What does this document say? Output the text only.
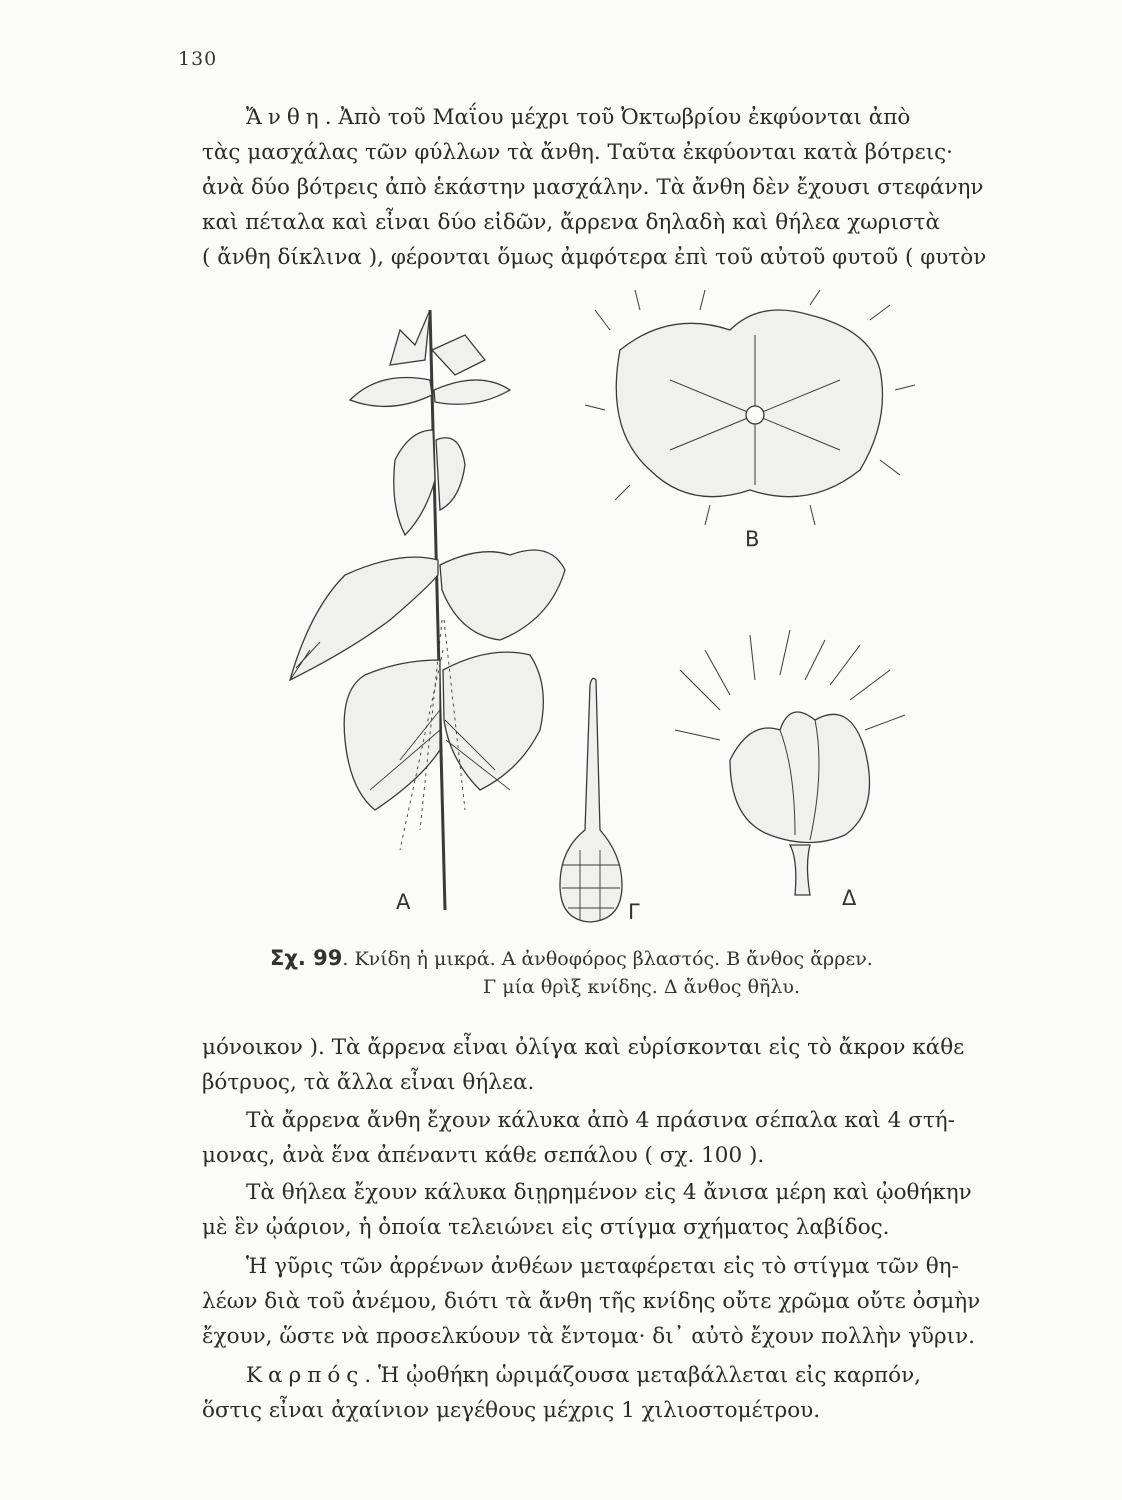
130

Ἄνθη. Ἀπὸ τοῦ Μαΐου μέχρι τοῦ Ὀκτωβρίου ἐκφύονται ἀπὸ
τὰς μασχάλας τῶν φύλλων τὰ ἄνθη. Ταῦτα ἐκφύονται κατὰ βότρεις·
ἀνὰ δύο βότρεις ἀπὸ ἑκάστην μασχάλην. Τὰ ἄνθη δὲν ἔχουσι στεφάνην
καὶ πέταλα καὶ εἶναι δύο εἰδῶν, ἄρρενα δηλαδὴ καὶ θήλεα χωριστὰ
( ἄνθη δίκλινα ), φέρονται ὅμως ἀμφότερα ἐπὶ τοῦ αὐτοῦ φυτοῦ ( φυτὸν

Α
Β
Γ
Δ
Σχ. 99. Κνίδη ἡ μικρά. Α ἀνθοφόρος βλαστός. Β ἄνθος ἄρρεν.
Γ μία θρὶξ κνίδης. Δ ἄνθος θῆλυ.

μόνοικον ). Τὰ ἄρρενα εἶναι ὀλίγα καὶ εὑρίσκονται εἰς τὸ ἄκρον κάθε
βότρυος, τὰ ἄλλα εἶναι θήλεα.

Τὰ ἄρρενα ἄνθη ἔχουν κάλυκα ἀπὸ 4 πράσινα σέπαλα καὶ 4 στή-
μονας, ἀνὰ ἕνα ἀπέναντι κάθε σεπάλου ( σχ. 100 ).

Τὰ θήλεα ἔχουν κάλυκα διῃρημένον εἰς 4 ἄνισα μέρη καὶ ᾠοθήκην
μὲ ἓν ᾠάριον, ἡ ὁποία τελειώνει εἰς στίγμα σχήματος λαβίδος.

Ἡ γῦρις τῶν ἀρρένων ἀνθέων μεταφέρεται εἰς τὸ στίγμα τῶν θη-
λέων διὰ τοῦ ἀνέμου, διότι τὰ ἄνθη τῆς κνίδης οὔτε χρῶμα οὔτε ὀσμὴν
ἔχουν, ὥστε νὰ προσελκύουν τὰ ἔντομα· δι᾽ αὐτὸ ἔχουν πολλὴν γῦριν.

Καρπός. Ἡ ᾠοθήκη ὡριμάζουσα μεταβάλλεται εἰς καρπόν,
ὅστις εἶναι ἀχαίνιον μεγέθους μέχρις 1 χιλιοστομέτρου.
